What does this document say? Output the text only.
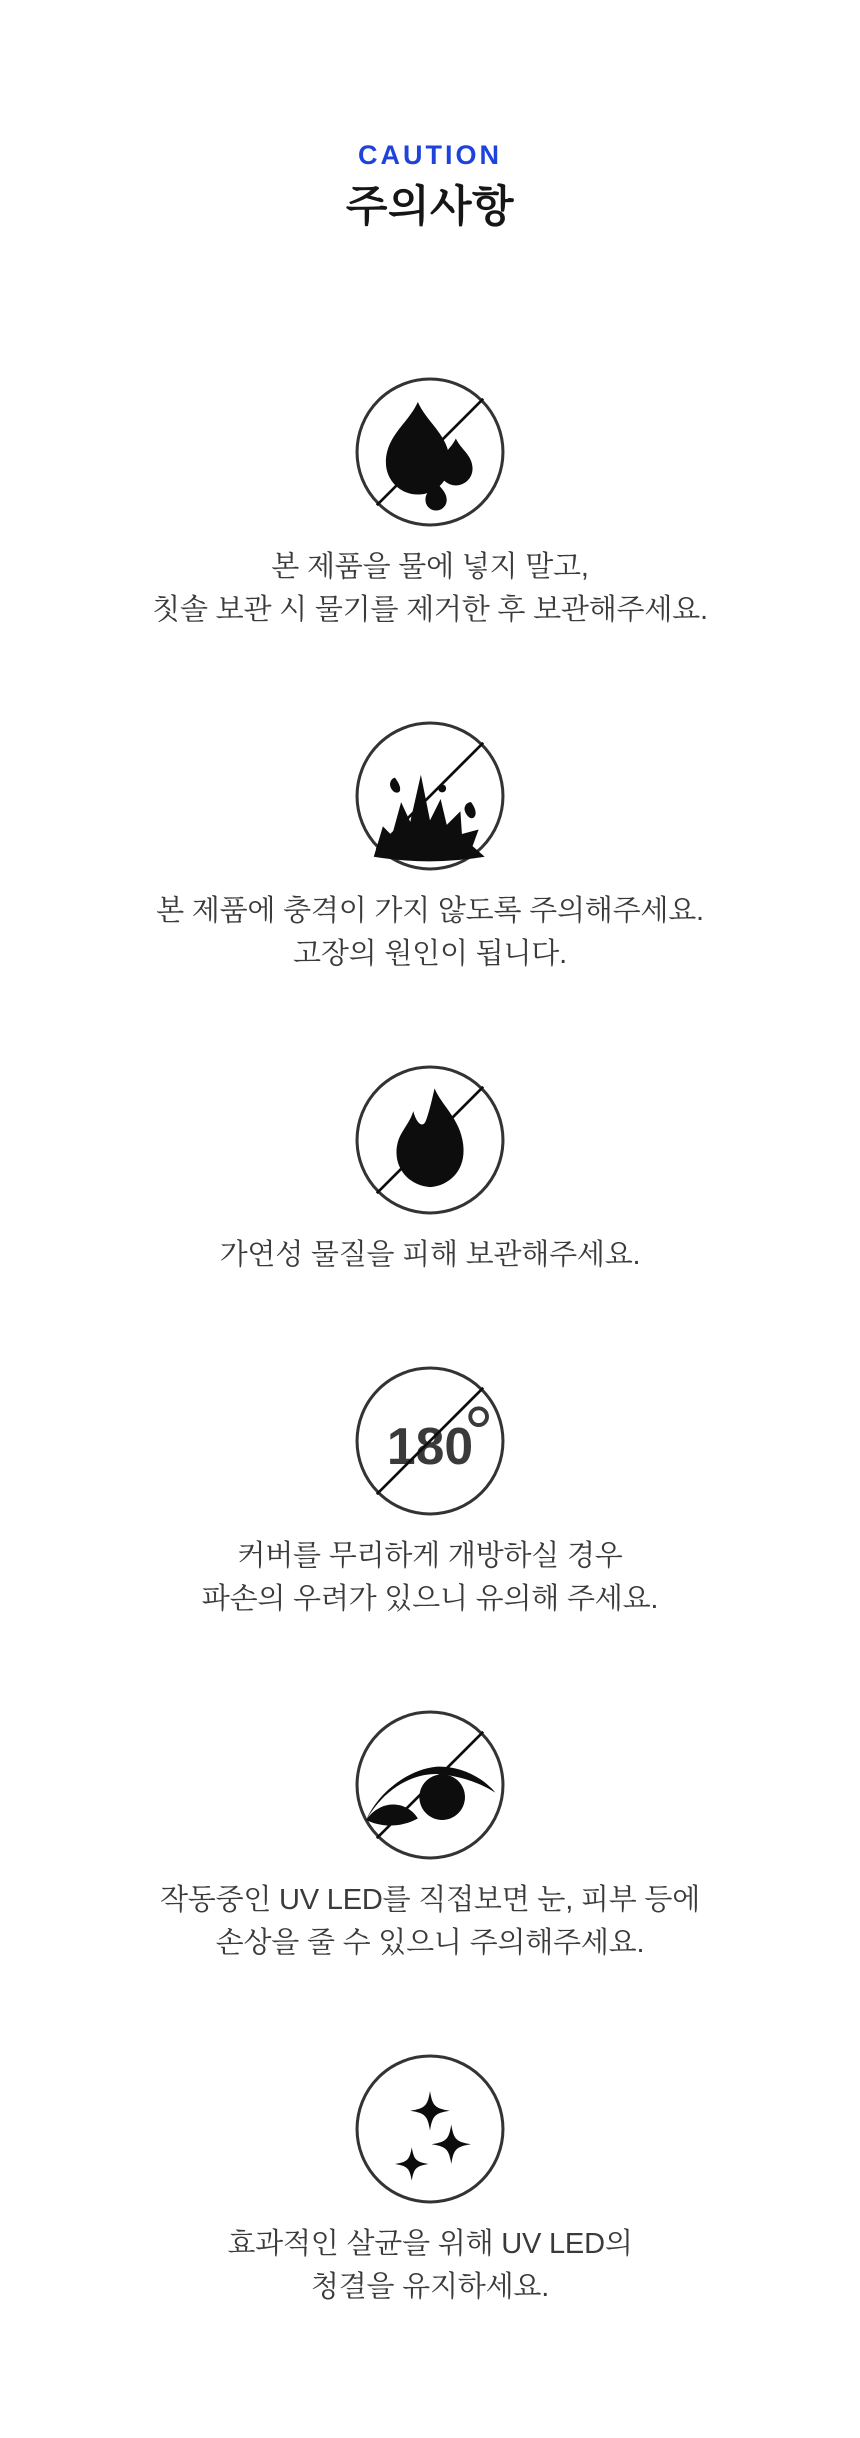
CAUTION
주의사항
본 제품을 물에 넣지 말고,
칫솔 보관 시 물기를 제거한 후 보관해주세요.
본 제품에 충격이 가지 않도록 주의해주세요.
고장의 원인이 됩니다.
가연성 물질을 피해 보관해주세요.
180
커버를 무리하게 개방하실 경우
파손의 우려가 있으니 유의해 주세요.
작동중인 UV LED를 직접보면 눈, 피부 등에
손상을 줄 수 있으니 주의해주세요.
효과적인 살균을 위해 UV LED의
청결을 유지하세요.
